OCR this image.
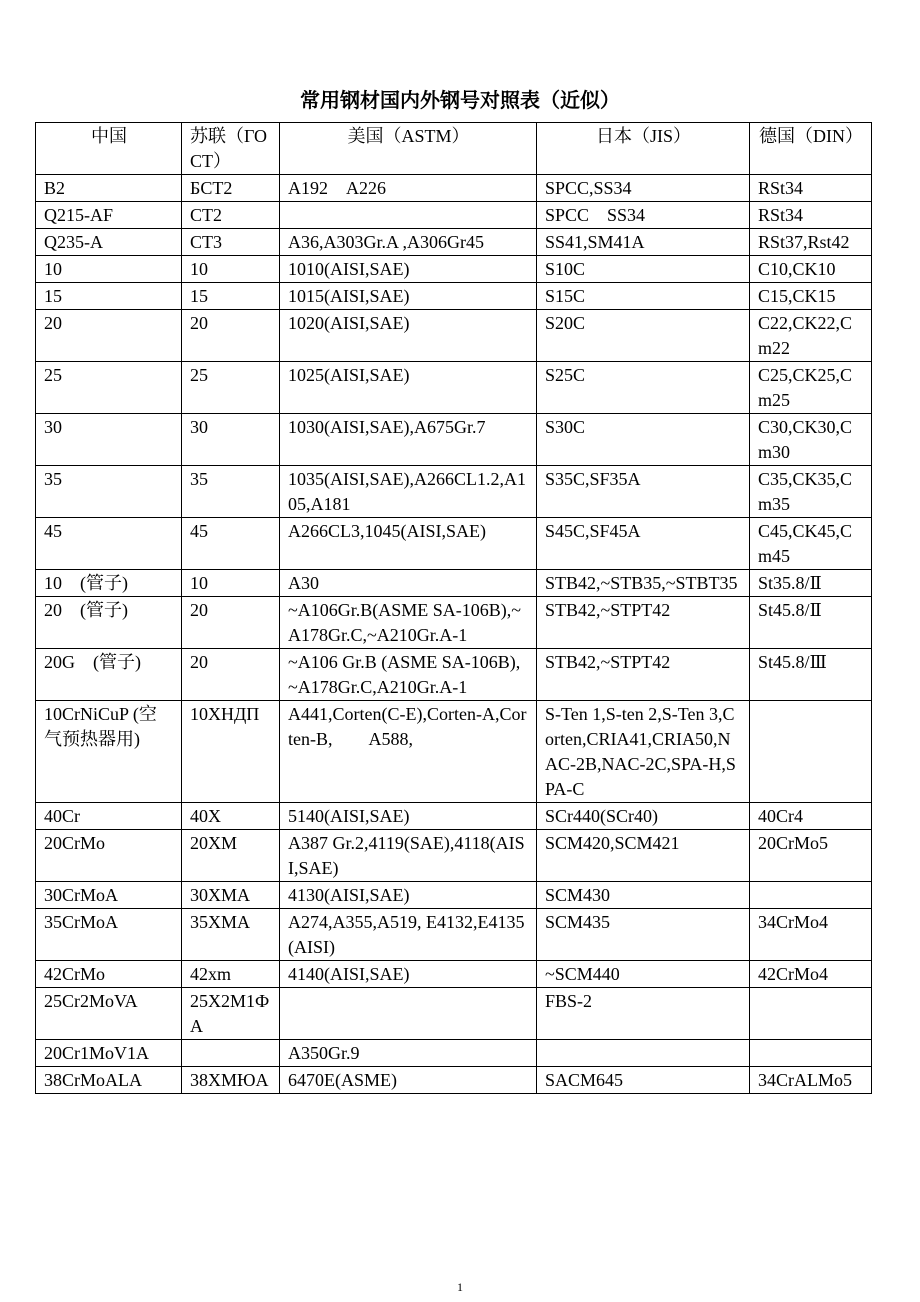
常用钢材国内外钢号对照表（近似）
中国	苏联（ГОСТ）	美国（ASTM）	日本（JIS）	德国（DIN）
B2	БCT2	A192　A226	SPCC,SS34	RSt34
Q215-AF	CT2		SPCC　SS34	RSt34
Q235-A	CT3	A36,A303Gr.A ,A306Gr45	SS41,SM41A	RSt37,Rst42
10	10	1010(AISI,SAE)	S10C	C10,CK10
15	15	1015(AISI,SAE)	S15C	C15,CK15
20	20	1020(AISI,SAE)	S20C	C22,CK22,Cm22
25	25	1025(AISI,SAE)	S25C	C25,CK25,Cm25
30	30	1030(AISI,SAE),A675Gr.7	S30C	C30,CK30,Cm30
35	35	1035(AISI,SAE),A266CL1.2,A105,A181	S35C,SF35A	C35,CK35,Cm35
45	45	A266CL3,1045(AISI,SAE)	S45C,SF45A	C45,CK45,Cm45
10　(管子)	10	A30	STB42,~STB35,~STBT35	St35.8/Ⅱ
20　(管子)	20	~A106Gr.B(ASME SA-106B),~A178Gr.C,~A210Gr.A-1	STB42,~STPT42	St45.8/Ⅱ
20G　(管子)	20	~A106 Gr.B (ASME SA-106B),~A178Gr.C,A210Gr.A-1	STB42,~STPT42	St45.8/Ⅲ
10CrNiCuP (空气预热器用)	10XHДП	A441,Corten(C-E),Corten-A,Corten-B,　　A588,	S-Ten 1,S-ten 2,S-Ten 3,Corten,CRIA41,CRIA50,NAC-2B,NAC-2C,SPA-H,SPA-C	
40Cr	40X	5140(AISI,SAE)	SCr440(SCr40)	40Cr4
20CrMo	20XM	A387 Gr.2,4119(SAE),4118(AISI,SAE)	SCM420,SCM421	20CrMo5
30CrMoA	30XMA	4130(AISI,SAE)	SCM430	
35CrMoA	35XMA	A274,A355,A519, E4132,E4135(AISI)	SCM435	34CrMo4
42CrMo	42xm	4140(AISI,SAE)	~SCM440	42CrMo4
25Cr2MoVA	25X2M1ФA		FBS-2	
20Cr1MoV1A		A350Gr.9		
38CrMoALA	38XMЮA	6470E(ASME)	SACM645	34CrALMo5
1
